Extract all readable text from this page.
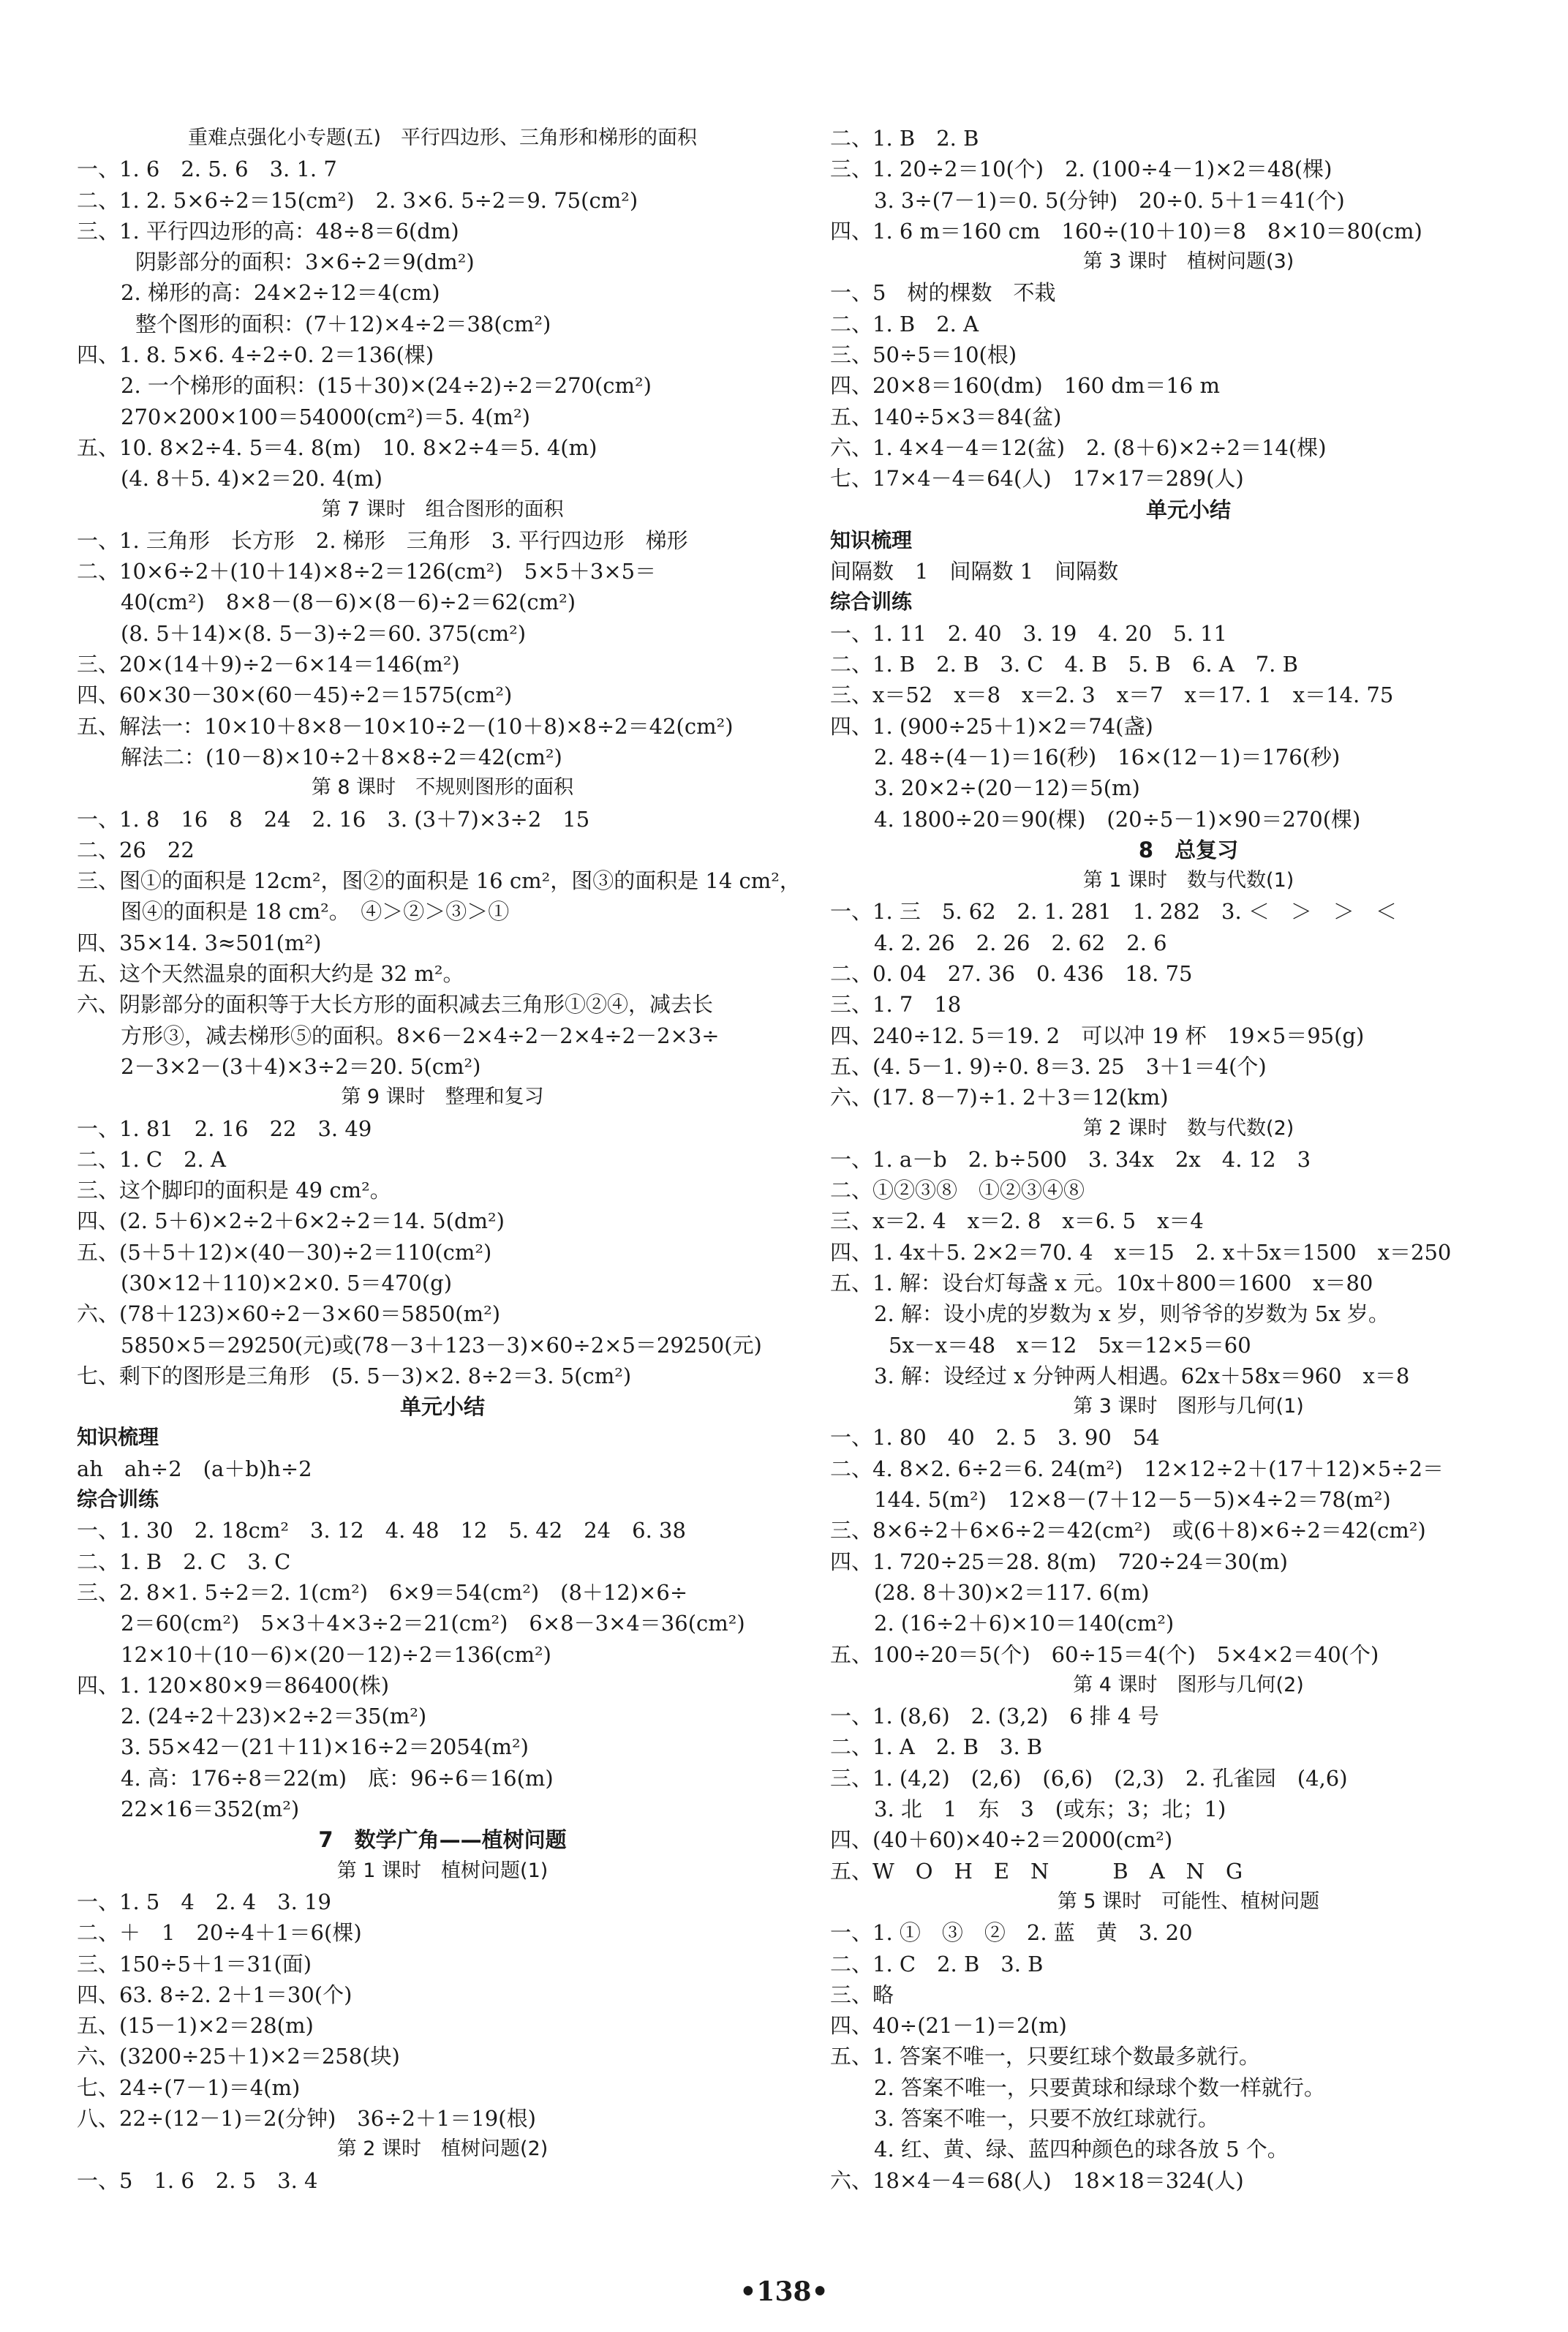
重难点强化小专题(五)　平行四边形、三角形和梯形的面积
一、1. 6　2. 5. 6　3. 1. 7
二、1. 2. 5×6÷2＝15(cm²)　2. 3×6. 5÷2＝9. 75(cm²)
三、1. 平行四边形的高：48÷8＝6(dm)
阴影部分的面积：3×6÷2＝9(dm²)
2. 梯形的高：24×2÷12＝4(cm)
整个图形的面积：(7＋12)×4÷2＝38(cm²)
四、1. 8. 5×6. 4÷2÷0. 2＝136(棵)
2. 一个梯形的面积：(15＋30)×(24÷2)÷2＝270(cm²)
270×200×100＝54000(cm²)＝5. 4(m²)
五、10. 8×2÷4. 5＝4. 8(m)　10. 8×2÷4＝5. 4(m)
(4. 8＋5. 4)×2＝20. 4(m)
第 7 课时　组合图形的面积
一、1. 三角形　长方形　2. 梯形　三角形　3. 平行四边形　梯形
二、10×6÷2＋(10＋14)×8÷2＝126(cm²)　5×5＋3×5＝
40(cm²)　8×8－(8－6)×(8－6)÷2＝62(cm²)
(8. 5＋14)×(8. 5－3)÷2＝60. 375(cm²)
三、20×(14＋9)÷2－6×14＝146(m²)
四、60×30－30×(60－45)÷2＝1575(cm²)
五、解法一：10×10＋8×8－10×10÷2－(10＋8)×8÷2＝42(cm²)
解法二：(10－8)×10÷2＋8×8÷2＝42(cm²)
第 8 课时　不规则图形的面积
一、1. 8　16　8　24　2. 16　3. (3＋7)×3÷2　15
二、26　22
三、图①的面积是 12cm²，图②的面积是 16 cm²，图③的面积是 14 cm²，
图④的面积是 18 cm²。　④＞②＞③＞①
四、35×14. 3≈501(m²)
五、这个天然温泉的面积大约是 32 m²。
六、阴影部分的面积等于大长方形的面积减去三角形①②④，减去长
方形③，减去梯形⑤的面积。8×6－2×4÷2－2×4÷2－2×3÷
2－3×2－(3＋4)×3÷2＝20. 5(cm²)
第 9 课时　整理和复习
一、1. 81　2. 16　22　3. 49
二、1. C　2. A
三、这个脚印的面积是 49 cm²。
四、(2. 5＋6)×2÷2＋6×2÷2＝14. 5(dm²)
五、(5＋5＋12)×(40－30)÷2＝110(cm²)
(30×12＋110)×2×0. 5＝470(g)
六、(78＋123)×60÷2－3×60＝5850(m²)
5850×5＝29250(元)或(78－3＋123－3)×60÷2×5＝29250(元)
七、剩下的图形是三角形　(5. 5－3)×2. 8÷2＝3. 5(cm²)
单元小结
知识梳理
ah　ah÷2　(a＋b)h÷2
综合训练
一、1. 30　2. 18cm²　3. 12　4. 48　12　5. 42　24　6. 38
二、1. B　2. C　3. C
三、2. 8×1. 5÷2＝2. 1(cm²)　6×9＝54(cm²)　(8＋12)×6÷
2＝60(cm²)　5×3＋4×3÷2＝21(cm²)　6×8－3×4＝36(cm²)
12×10＋(10－6)×(20－12)÷2＝136(cm²)
四、1. 120×80×9＝86400(株)
2. (24÷2＋23)×2÷2＝35(m²)
3. 55×42－(21＋11)×16÷2＝2054(m²)
4. 高：176÷8＝22(m)　底：96÷6＝16(m)
22×16＝352(m²)
7　数学广角——植树问题
第 1 课时　植树问题(1)
一、1. 5　4　2. 4　3. 19
二、＋　1　20÷4＋1＝6(棵)
三、150÷5＋1＝31(面)
四、63. 8÷2. 2＋1＝30(个)
五、(15－1)×2＝28(m)
六、(3200÷25＋1)×2＝258(块)
七、24÷(7－1)＝4(m)
八、22÷(12－1)＝2(分钟)　36÷2＋1＝19(根)
第 2 课时　植树问题(2)
一、5　1. 6　2. 5　3. 4
二、1. B　2. B
三、1. 20÷2＝10(个)　2. (100÷4－1)×2＝48(棵)
3. 3÷(7－1)＝0. 5(分钟)　20÷0. 5＋1＝41(个)
四、1. 6 m＝160 cm　160÷(10＋10)＝8　8×10＝80(cm)
第 3 课时　植树问题(3)
一、5　树的棵数　不栽
二、1. B　2. A
三、50÷5＝10(根)
四、20×8＝160(dm)　160 dm＝16 m
五、140÷5×3＝84(盆)
六、1. 4×4－4＝12(盆)　2. (8＋6)×2÷2＝14(棵)
七、17×4－4＝64(人)　17×17＝289(人)
单元小结
知识梳理
间隔数　1　间隔数 1　间隔数
综合训练
一、1. 11　2. 40　3. 19　4. 20　5. 11
二、1. B　2. B　3. C　4. B　5. B　6. A　7. B
三、x＝52　x＝8　x＝2. 3　x＝7　x＝17. 1　x＝14. 75
四、1. (900÷25＋1)×2＝74(盏)
2. 48÷(4－1)＝16(秒)　16×(12－1)＝176(秒)
3. 20×2÷(20－12)＝5(m)
4. 1800÷20＝90(棵)　(20÷5－1)×90＝270(棵)
8　总复习
第 1 课时　数与代数(1)
一、1. 三　5. 62　2. 1. 281　1. 282　3. ＜　＞　＞　＜
4. 2. 26　2. 26　2. 62　2. 6
二、0. 04　27. 36　0. 436　18. 75
三、1. 7　18
四、240÷12. 5＝19. 2　可以冲 19 杯　19×5＝95(g)
五、(4. 5－1. 9)÷0. 8＝3. 25　3＋1＝4(个)
六、(17. 8－7)÷1. 2＋3＝12(km)
第 2 课时　数与代数(2)
一、1. a－b　2. b÷500　3. 34x　2x　4. 12　3
二、①②③⑧　①②③④⑧
三、x＝2. 4　x＝2. 8　x＝6. 5　x＝4
四、1. 4x＋5. 2×2＝70. 4　x＝15　2. x＋5x＝1500　x＝250
五、1. 解：设台灯每盏 x 元。10x＋800＝1600　x＝80
2. 解：设小虎的岁数为 x 岁，则爷爷的岁数为 5x 岁。
5x－x＝48　x＝12　5x＝12×5＝60
3. 解：设经过 x 分钟两人相遇。62x＋58x＝960　x＝8
第 3 课时　图形与几何(1)
一、1. 80　40　2. 5　3. 90　54
二、4. 8×2. 6÷2＝6. 24(m²)　12×12÷2＋(17＋12)×5÷2＝
144. 5(m²)　12×8－(7＋12－5－5)×4÷2＝78(m²)
三、8×6÷2＋6×6÷2＝42(cm²)　或(6＋8)×6÷2＝42(cm²)
四、1. 720÷25＝28. 8(m)　720÷24＝30(m)
(28. 8＋30)×2＝117. 6(m)
2. (16÷2＋6)×10＝140(cm²)
五、100÷20＝5(个)　60÷15＝4(个)　5×4×2＝40(个)
第 4 课时　图形与几何(2)
一、1. (8,6)　2. (3,2)　6 排 4 号
二、1. A　2. B　3. B
三、1. (4,2)　(2,6)　(6,6)　(2,3)　2. 孔雀园　(4,6)
3. 北　1　东　3　(或东；3；北；1)
四、(40＋60)×40÷2＝2000(cm²)
五、W　O　H　E　N　　　B　A　N　G
第 5 课时　可能性、植树问题
一、1. ①　③　②　2. 蓝　黄　3. 20
二、1. C　2. B　3. B
三、略
四、40÷(21－1)＝2(m)
五、1. 答案不唯一，只要红球个数最多就行。
2. 答案不唯一，只要黄球和绿球个数一样就行。
3. 答案不唯一，只要不放红球就行。
4. 红、黄、绿、蓝四种颜色的球各放 5 个。
六、18×4－4＝68(人)　18×18＝324(人)
•138•
